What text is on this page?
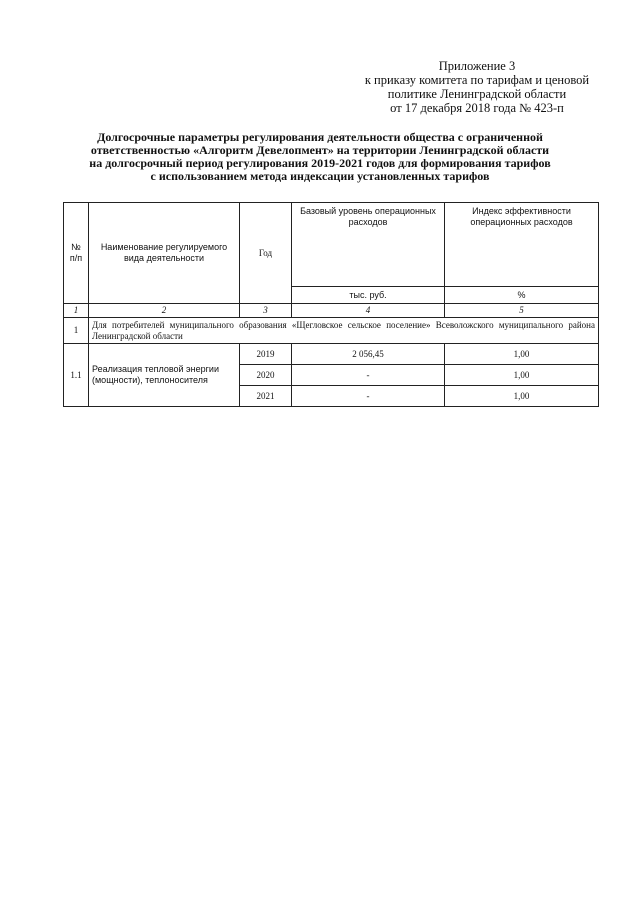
Приложение 3
к приказу комитета по тарифам и ценовой
политике Ленинградской области
от 17 декабря 2018 года № 423-п
Долгосрочные параметры регулирования деятельности общества с ограниченной
ответственностью «Алгоритм Девелопмент» на территории Ленинградской области
на долгосрочный период регулирования 2019-2021 годов для формирования тарифов
с использованием метода индексации установленных тарифов
№ п/п	Наименование регулируемого вида деятельности	Год	Базовый уровень операционных расходов	Индекс эффективности операционных расходов
			тыс. руб.	%
1	2	3	4	5
1	Для потребителей муниципального образования «Щегловское сельское поселение» Всеволожского муниципального района Ленинградской области			
1.1	Реализация тепловой энергии (мощности), теплоносителя	2019	2 056,45	1,00
		2020	-	1,00
		2021	-	1,00
